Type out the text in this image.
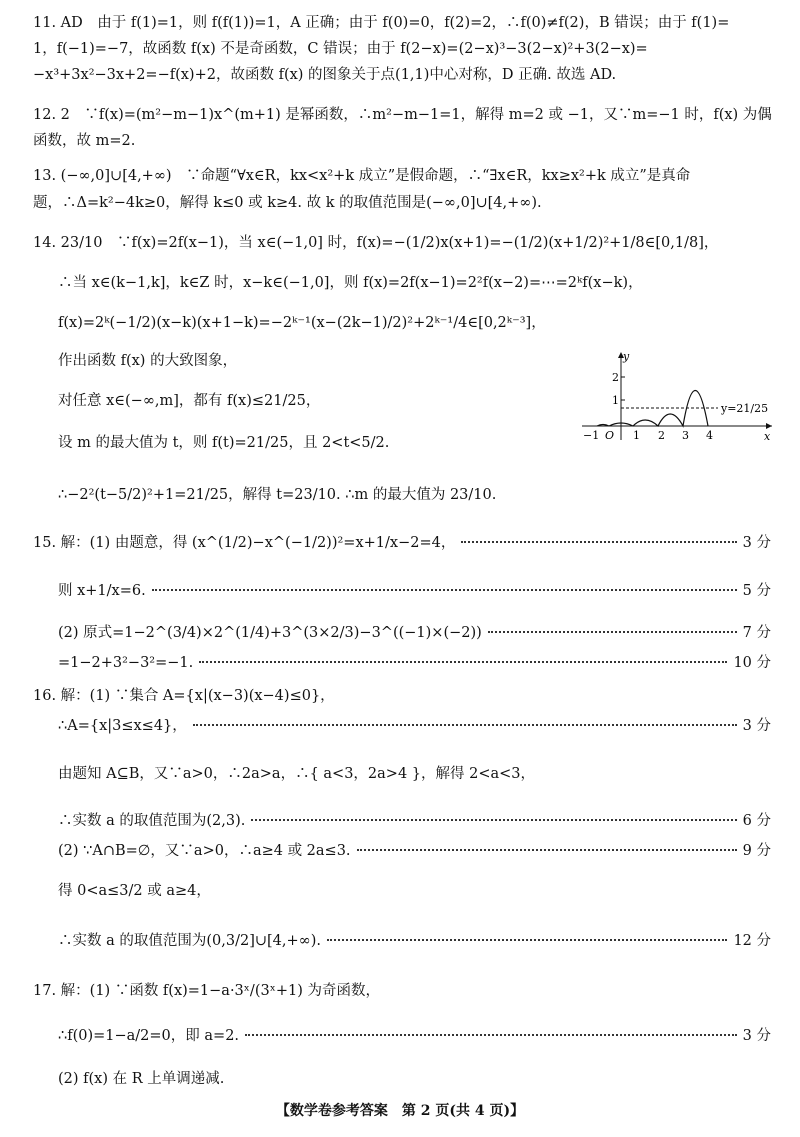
11. AD　由于 f(1)=1，则 f(f(1))=1，A 正确；由于 f(0)=0，f(2)=2，∴f(0)≠f(2)，B 错误；由于 f(1)=
1，f(−1)=−7，故函数 f(x) 不是奇函数，C 错误；由于 f(2−x)=(2−x)³−3(2−x)²+3(2−x)=
−x³+3x²−3x+2=−f(x)+2，故函数 f(x) 的图象关于点(1,1)中心对称，D 正确. 故选 AD.
12. 2　∵f(x)=(m²−m−1)x^(m+1) 是幂函数，∴m²−m−1=1，解得 m=2 或 −1，又∵m=−1 时，f(x) 为偶
函数，故 m=2.
13. (−∞,0]∪[4,+∞)　∵命题“∀x∈R，kx<x²+k 成立”是假命题，∴“∃x∈R，kx≥x²+k 成立”是真命
题，∴Δ=k²−4k≥0，解得 k≤0 或 k≥4. 故 k 的取值范围是(−∞,0]∪[4,+∞).
14. 23/10　∵f(x)=2f(x−1)，当 x∈(−1,0] 时，f(x)=−(1/2)x(x+1)=−(1/2)(x+1/2)²+1/8∈[0,1/8]，
∴当 x∈(k−1,k]，k∈Z 时，x−k∈(−1,0]，则 f(x)=2f(x−1)=2²f(x−2)=⋯=2ᵏf(x−k)，
f(x)=2ᵏ(−1/2)(x−k)(x+1−k)=−2ᵏ⁻¹(x−(2k−1)/2)²+2ᵏ⁻¹/4∈[0,2ᵏ⁻³]，
作出函数 f(x) 的大致图象，
对任意 x∈(−∞,m]，都有 f(x)≤21/25，
设 m 的最大值为 t，则 f(t)=21/25，且 2<t<5/2.
∴−2²(t−5/2)²+1=21/25，解得 t=23/10. ∴m 的最大值为 23/10.
y
x
O
−1	1 2 3 4
1
2
y=21/25
15. 解：(1) 由题意，得 (x^(1/2)−x^(−1/2))²=x+1/x−2=4，	3 分
则 x+1/x=6.	5 分
(2) 原式=1−2^(3/4)×2^(1/4)+3^(3×2/3)−3^((−1)×(−2))	7 分
=1−2+3²−3²=−1.	10 分
16. 解：(1) ∵集合 A={x|(x−3)(x−4)≤0}，
∴A={x|3≤x≤4}，	3 分
由题知 A⊆B，又∵a>0，∴2a>a，∴{ a<3，2a>4 }，解得 2<a<3，
∴实数 a 的取值范围为(2,3).	6 分
(2) ∵A∩B=∅，又∵a>0，∴a≥4 或 2a≤3.	9 分
得 0<a≤3/2 或 a≥4，
∴实数 a 的取值范围为(0,3/2]∪[4,+∞).	12 分
17. 解：(1) ∵函数 f(x)=1−a·3ˣ/(3ˣ+1) 为奇函数，
∴f(0)=1−a/2=0，即 a=2.	3 分
(2) f(x) 在 R 上单调递减.
【数学卷参考答案　第 2 页(共 4 页)】
